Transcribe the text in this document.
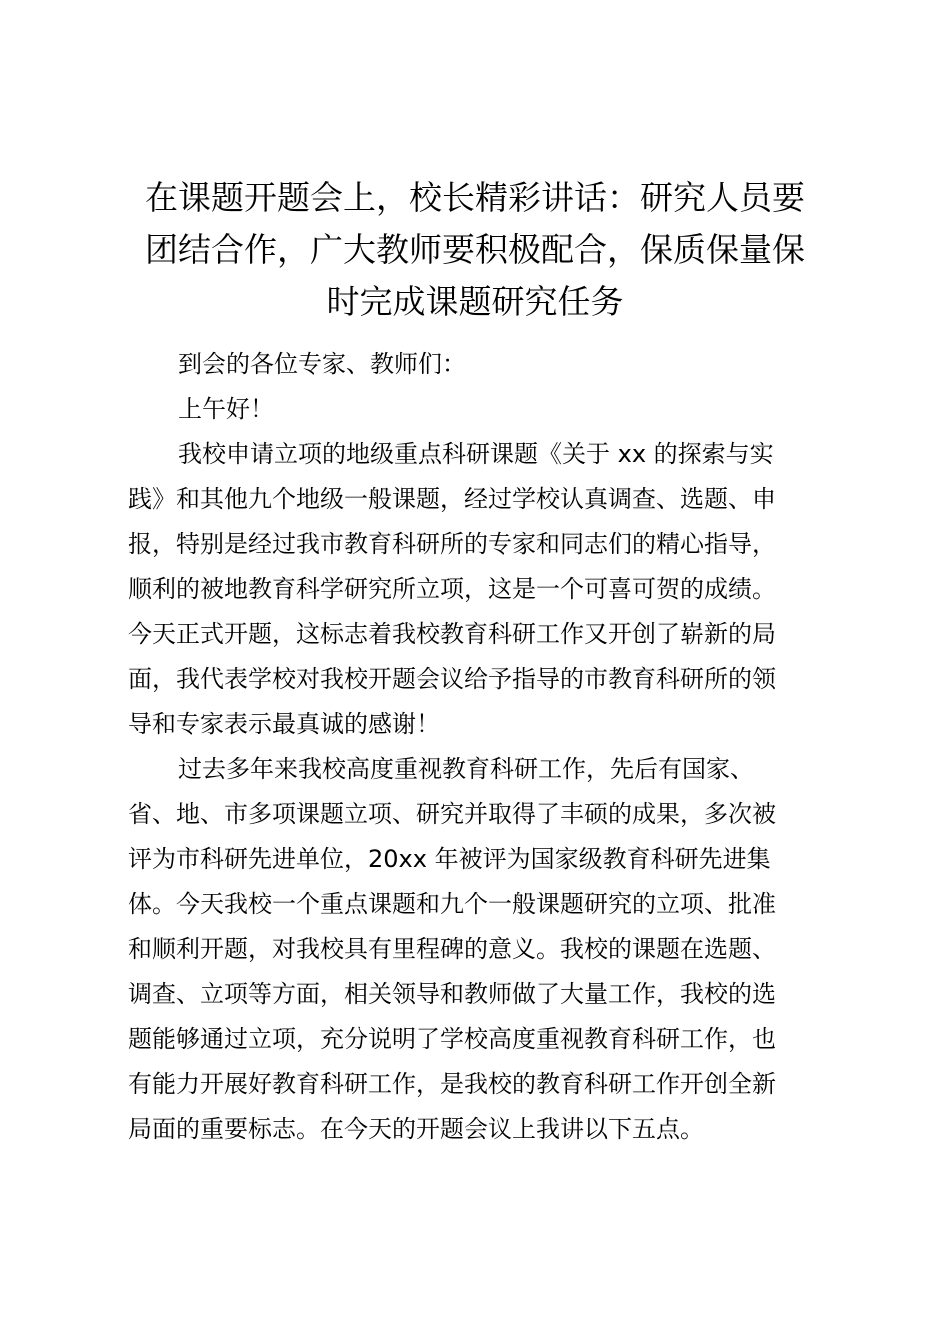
在课题开题会上，校长精彩讲话：研究人员要
团结合作，广大教师要积极配合，保质保量保
时完成课题研究任务

到会的各位专家、教师们：

上午好！

我校申请立项的地级重点科研课题《关于 xx 的探索与实
践》和其他九个地级一般课题，经过学校认真调查、选题、申
报，特别是经过我市教育科研所的专家和同志们的精心指导，
顺利的被地教育科学研究所立项，这是一个可喜可贺的成绩。
今天正式开题，这标志着我校教育科研工作又开创了崭新的局
面，我代表学校对我校开题会议给予指导的市教育科研所的领
导和专家表示最真诚的感谢！

过去多年来我校高度重视教育科研工作，先后有国家、
省、地、市多项课题立项、研究并取得了丰硕的成果，多次被
评为市科研先进单位，20xx 年被评为国家级教育科研先进集
体。今天我校一个重点课题和九个一般课题研究的立项、批准
和顺利开题，对我校具有里程碑的意义。我校的课题在选题、
调查、立项等方面，相关领导和教师做了大量工作，我校的选
题能够通过立项，充分说明了学校高度重视教育科研工作，也
有能力开展好教育科研工作，是我校的教育科研工作开创全新
局面的重要标志。在今天的开题会议上我讲以下五点。
